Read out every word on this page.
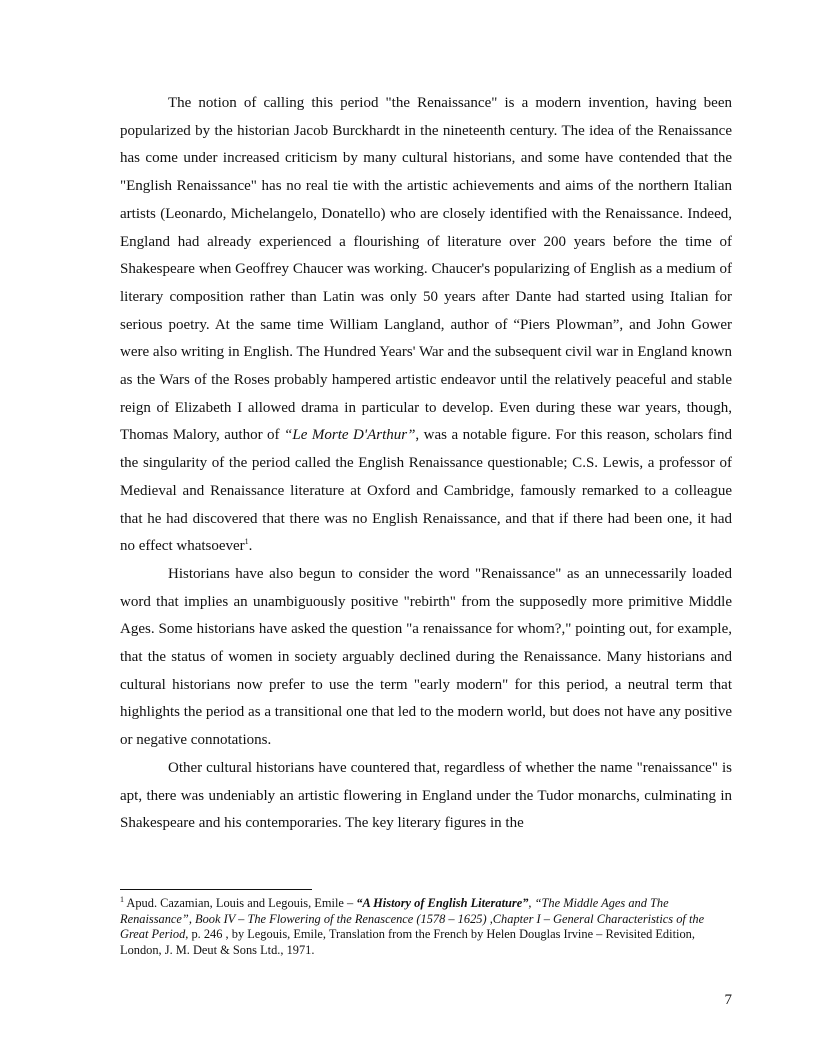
The notion of calling this period "the Renaissance" is a modern invention, having been popularized by the historian Jacob Burckhardt in the nineteenth century. The idea of the Renaissance has come under increased criticism by many cultural historians, and some have contended that the "English Renaissance" has no real tie with the artistic achievements and aims of the northern Italian artists (Leonardo, Michelangelo, Donatello) who are closely identified with the Renaissance. Indeed, England had already experienced a flourishing of literature over 200 years before the time of Shakespeare when Geoffrey Chaucer was working. Chaucer's popularizing of English as a medium of literary composition rather than Latin was only 50 years after Dante had started using Italian for serious poetry. At the same time William Langland, author of “Piers Plowman”, and John Gower were also writing in English. The Hundred Years' War and the subsequent civil war in England known as the Wars of the Roses probably hampered artistic endeavor until the relatively peaceful and stable reign of Elizabeth I allowed drama in particular to develop. Even during these war years, though, Thomas Malory, author of “Le Morte D'Arthur”, was a notable figure. For this reason, scholars find the singularity of the period called the English Renaissance questionable; C.S. Lewis, a professor of Medieval and Renaissance literature at Oxford and Cambridge, famously remarked to a colleague that he had discovered that there was no English Renaissance, and that if there had been one, it had no effect whatsoever$^1$.

Historians have also begun to consider the word "Renaissance" as an unnecessarily loaded word that implies an unambiguously positive "rebirth" from the supposedly more primitive Middle Ages. Some historians have asked the question "a renaissance for whom?," pointing out, for example, that the status of women in society arguably declined during the Renaissance. Many historians and cultural historians now prefer to use the term "early modern" for this period, a neutral term that highlights the period as a transitional one that led to the modern world, but does not have any positive or negative connotations.

Other cultural historians have countered that, regardless of whether the name "renaissance" is apt, there was undeniably an artistic flowering in England under the Tudor monarchs, culminating in Shakespeare and his contemporaries. The key literary figures in the

$^1$ Apud. Cazamian, Louis and Legouis, Emile – “A History of English Literature”, “The Middle Ages and The Renaissance”, Book IV – The Flowering of the Renascence (1578 – 1625) ,Chapter I – General Characteristics of the Great Period, p. 246 , by Legouis, Emile, Translation from the French by Helen Douglas Irvine – Revisited Edition, London, J. M. Deut & Sons Ltd., 1971.
7
